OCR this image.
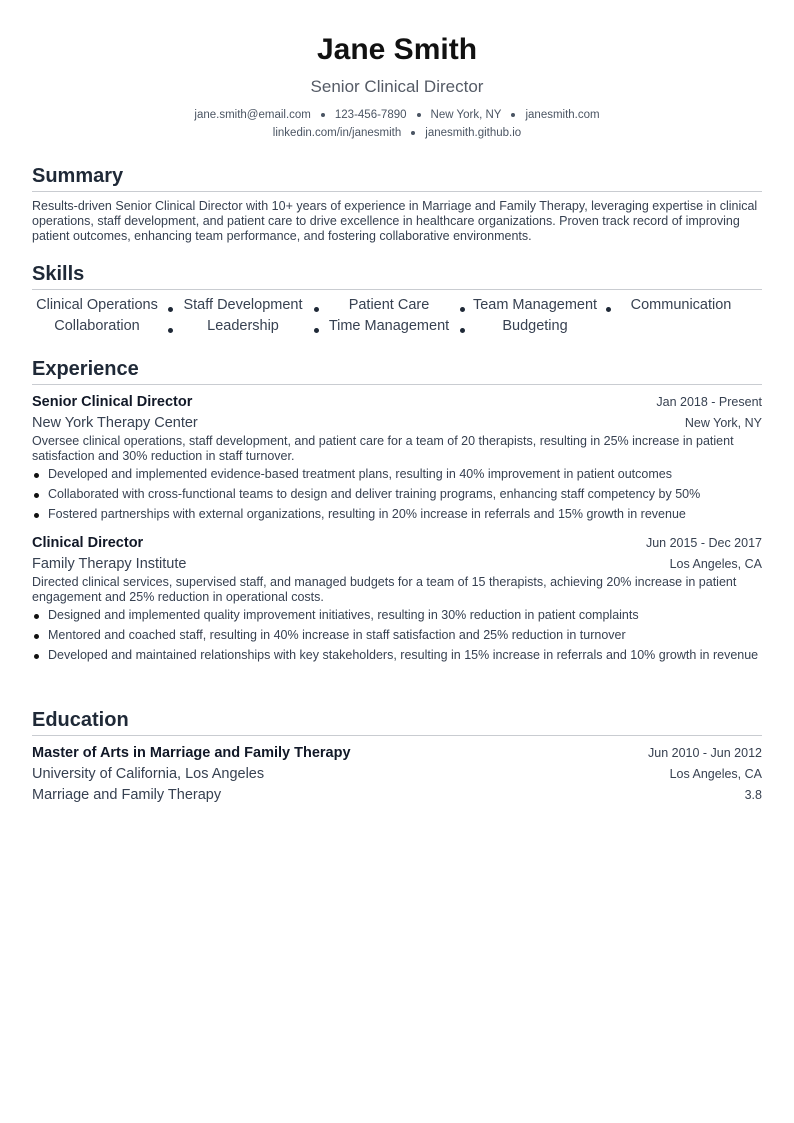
Jane Smith
Senior Clinical Director
jane.smith@email.com 123-456-7890 New York, NY janesmith.com
linkedin.com/in/janesmith janesmith.github.io
Summary
Results-driven Senior Clinical Director with 10+ years of experience in Marriage and Family Therapy, leveraging expertise in clinical operations, staff development, and patient care to drive excellence in healthcare organizations. Proven track record of improving patient outcomes, enhancing team performance, and fostering collaborative environments.
Skills
Clinical Operations	Staff Development	Patient Care	Team Management	Communication
Collaboration	Leadership	Time Management	Budgeting
Experience
Senior Clinical Director	Jan 2018 - Present
New York Therapy Center	New York, NY
Oversee clinical operations, staff development, and patient care for a team of 20 therapists, resulting in 25% increase in patient satisfaction and 30% reduction in staff turnover.
Developed and implemented evidence-based treatment plans, resulting in 40% improvement in patient outcomes
Collaborated with cross-functional teams to design and deliver training programs, enhancing staff competency by 50%
Fostered partnerships with external organizations, resulting in 20% increase in referrals and 15% growth in revenue
Clinical Director	Jun 2015 - Dec 2017
Family Therapy Institute	Los Angeles, CA
Directed clinical services, supervised staff, and managed budgets for a team of 15 therapists, achieving 20% increase in patient engagement and 25% reduction in operational costs.
Designed and implemented quality improvement initiatives, resulting in 30% reduction in patient complaints
Mentored and coached staff, resulting in 40% increase in staff satisfaction and 25% reduction in turnover
Developed and maintained relationships with key stakeholders, resulting in 15% increase in referrals and 10% growth in revenue
Education
Master of Arts in Marriage and Family Therapy	Jun 2010 - Jun 2012
University of California, Los Angeles	Los Angeles, CA
Marriage and Family Therapy	3.8
